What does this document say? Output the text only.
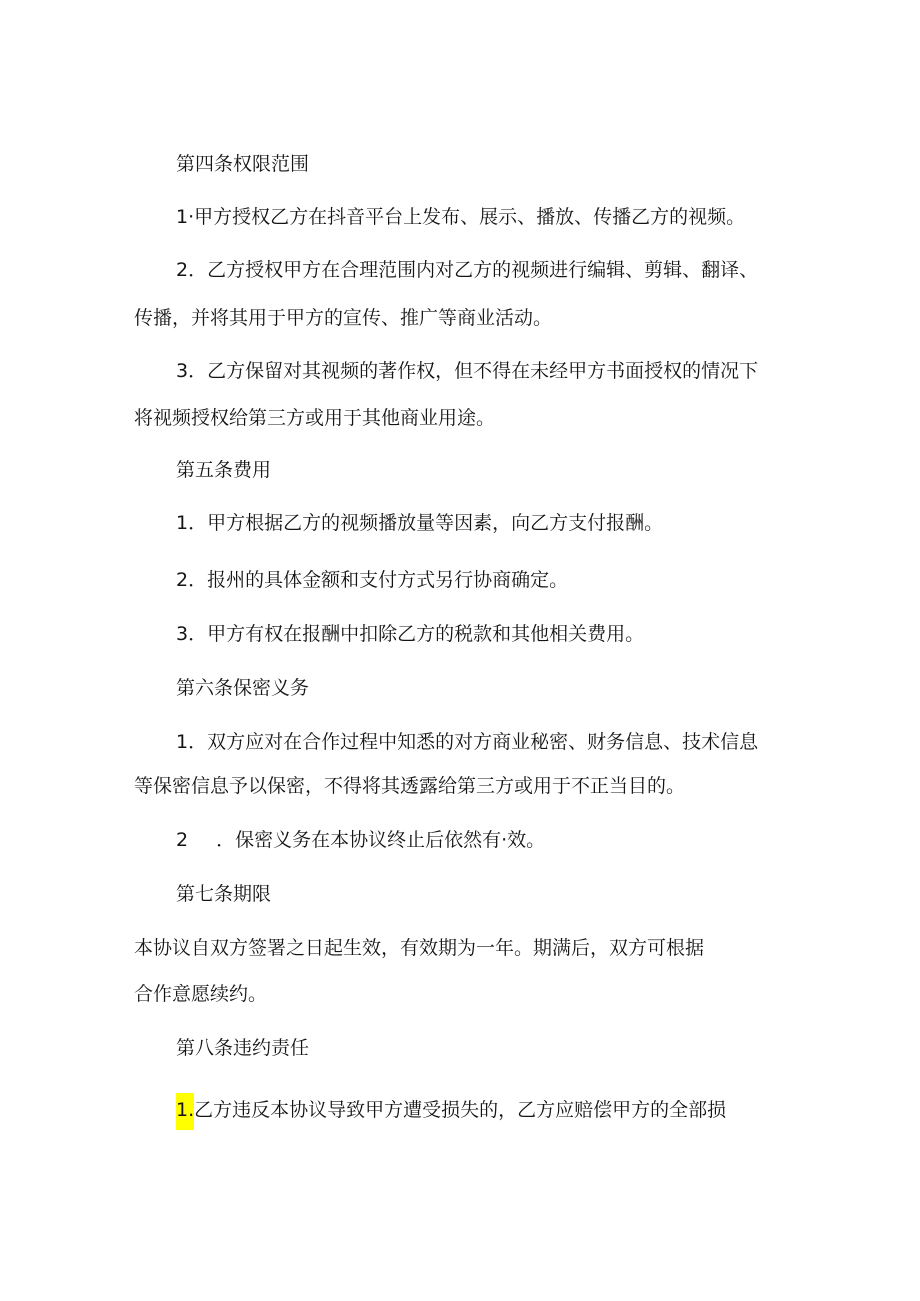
第四条权限范围

1·甲方授权乙方在抖音平台上发布、展示、播放、传播乙方的视频。

2．乙方授权甲方在合理范围内对乙方的视频进行编辑、剪辑、翻译、

传播，并将其用于甲方的宣传、推广等商业活动。

3．乙方保留对其视频的著作权，但不得在未经甲方书面授权的情况下

将视频授权给第三方或用于其他商业用途。

第五条费用

1．甲方根据乙方的视频播放量等因素，向乙方支付报酬。

2．报州的具体金额和支付方式另行协商确定。

3．甲方有权在报酬中扣除乙方的税款和其他相关费用。

第六条保密义务

1．双方应对在合作过程中知悉的对方商业秘密、财务信息、技术信息

等保密信息予以保密，不得将其透露给第三方或用于不正当目的。

2 ．保密义务在本协议终止后依然有·效。

第七条期限

本协议自双方签署之日起生效，有效期为一年。期满后，双方可根据

合作意愿续约。

第八条违约责任

1.乙方违反本协议导致甲方遭受损失的，乙方应赔偿甲方的全部损
